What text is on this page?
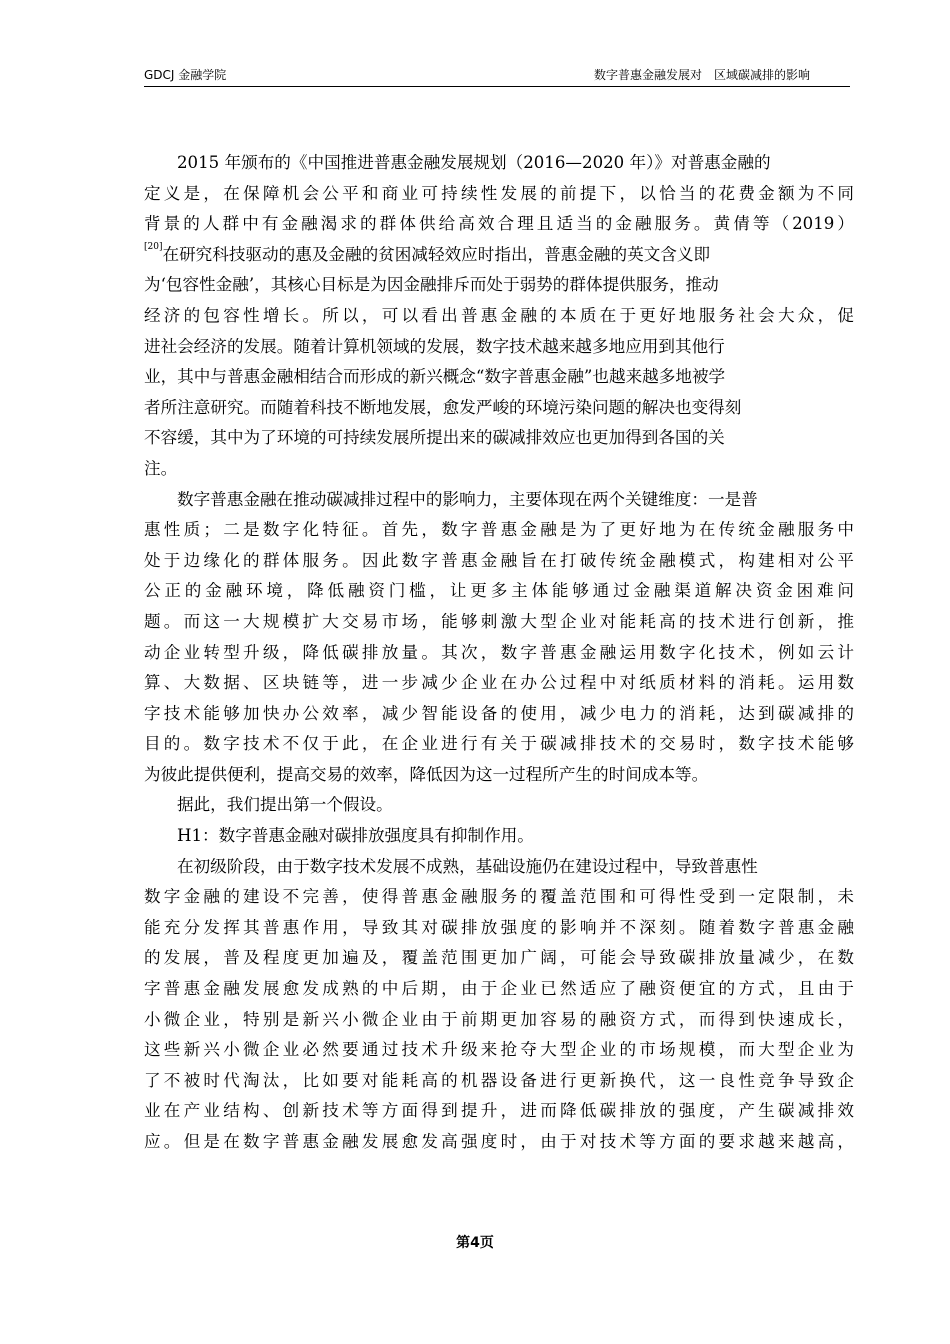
GDCJ 金融学院	数字普惠金融发展对　区域碳减排的影响
2015 年颁布的《中国推进普惠金融发展规划（2016—2020 年）》对普惠金融的
定义是，在保障机会公平和商业可持续性发展的前提下，以恰当的花费金额为不同
背景的人群中有金融渴求的群体供给高效合理且适当的金融服务。黄倩等（2019）
[20]在研究科技驱动的惠及金融的贫困减轻效应时指出，普惠金融的英文含义即
为‘包容性金融’，其核心目标是为因金融排斥而处于弱势的群体提供服务，推动
经济的包容性增长。所以，可以看出普惠金融的本质在于更好地服务社会大众，促
进社会经济的发展。随着计算机领域的发展，数字技术越来越多地应用到其他行
业，其中与普惠金融相结合而形成的新兴概念“数字普惠金融”也越来越多地被学
者所注意研究。而随着科技不断地发展，愈发严峻的环境污染问题的解决也变得刻
不容缓，其中为了环境的可持续发展所提出来的碳减排效应也更加得到各国的关
注。
数字普惠金融在推动碳减排过程中的影响力，主要体现在两个关键维度：一是普
惠性质；二是数字化特征。首先，数字普惠金融是为了更好地为在传统金融服务中
处于边缘化的群体服务。因此数字普惠金融旨在打破传统金融模式，构建相对公平
公正的金融环境，降低融资门槛，让更多主体能够通过金融渠道解决资金困难问
题。而这一大规模扩大交易市场，能够刺激大型企业对能耗高的技术进行创新，推
动企业转型升级，降低碳排放量。其次，数字普惠金融运用数字化技术，例如云计
算、大数据、区块链等，进一步减少企业在办公过程中对纸质材料的消耗。运用数
字技术能够加快办公效率，减少智能设备的使用，减少电力的消耗，达到碳减排的
目的。数字技术不仅于此，在企业进行有关于碳减排技术的交易时，数字技术能够
为彼此提供便利，提高交易的效率，降低因为这一过程所产生的时间成本等。
据此，我们提出第一个假设。
H1：数字普惠金融对碳排放强度具有抑制作用。
在初级阶段，由于数字技术发展不成熟，基础设施仍在建设过程中，导致普惠性
数字金融的建设不完善，使得普惠金融服务的覆盖范围和可得性受到一定限制，未
能充分发挥其普惠作用，导致其对碳排放强度的影响并不深刻。随着数字普惠金融
的发展，普及程度更加遍及，覆盖范围更加广阔，可能会导致碳排放量减少，在数
字普惠金融发展愈发成熟的中后期，由于企业已然适应了融资便宜的方式，且由于
小微企业，特别是新兴小微企业由于前期更加容易的融资方式，而得到快速成长，
这些新兴小微企业必然要通过技术升级来抢夺大型企业的市场规模，而大型企业为
了不被时代淘汰，比如要对能耗高的机器设备进行更新换代，这一良性竞争导致企
业在产业结构、创新技术等方面得到提升，进而降低碳排放的强度，产生碳减排效
应。但是在数字普惠金融发展愈发高强度时，由于对技术等方面的要求越来越高，
第4页
